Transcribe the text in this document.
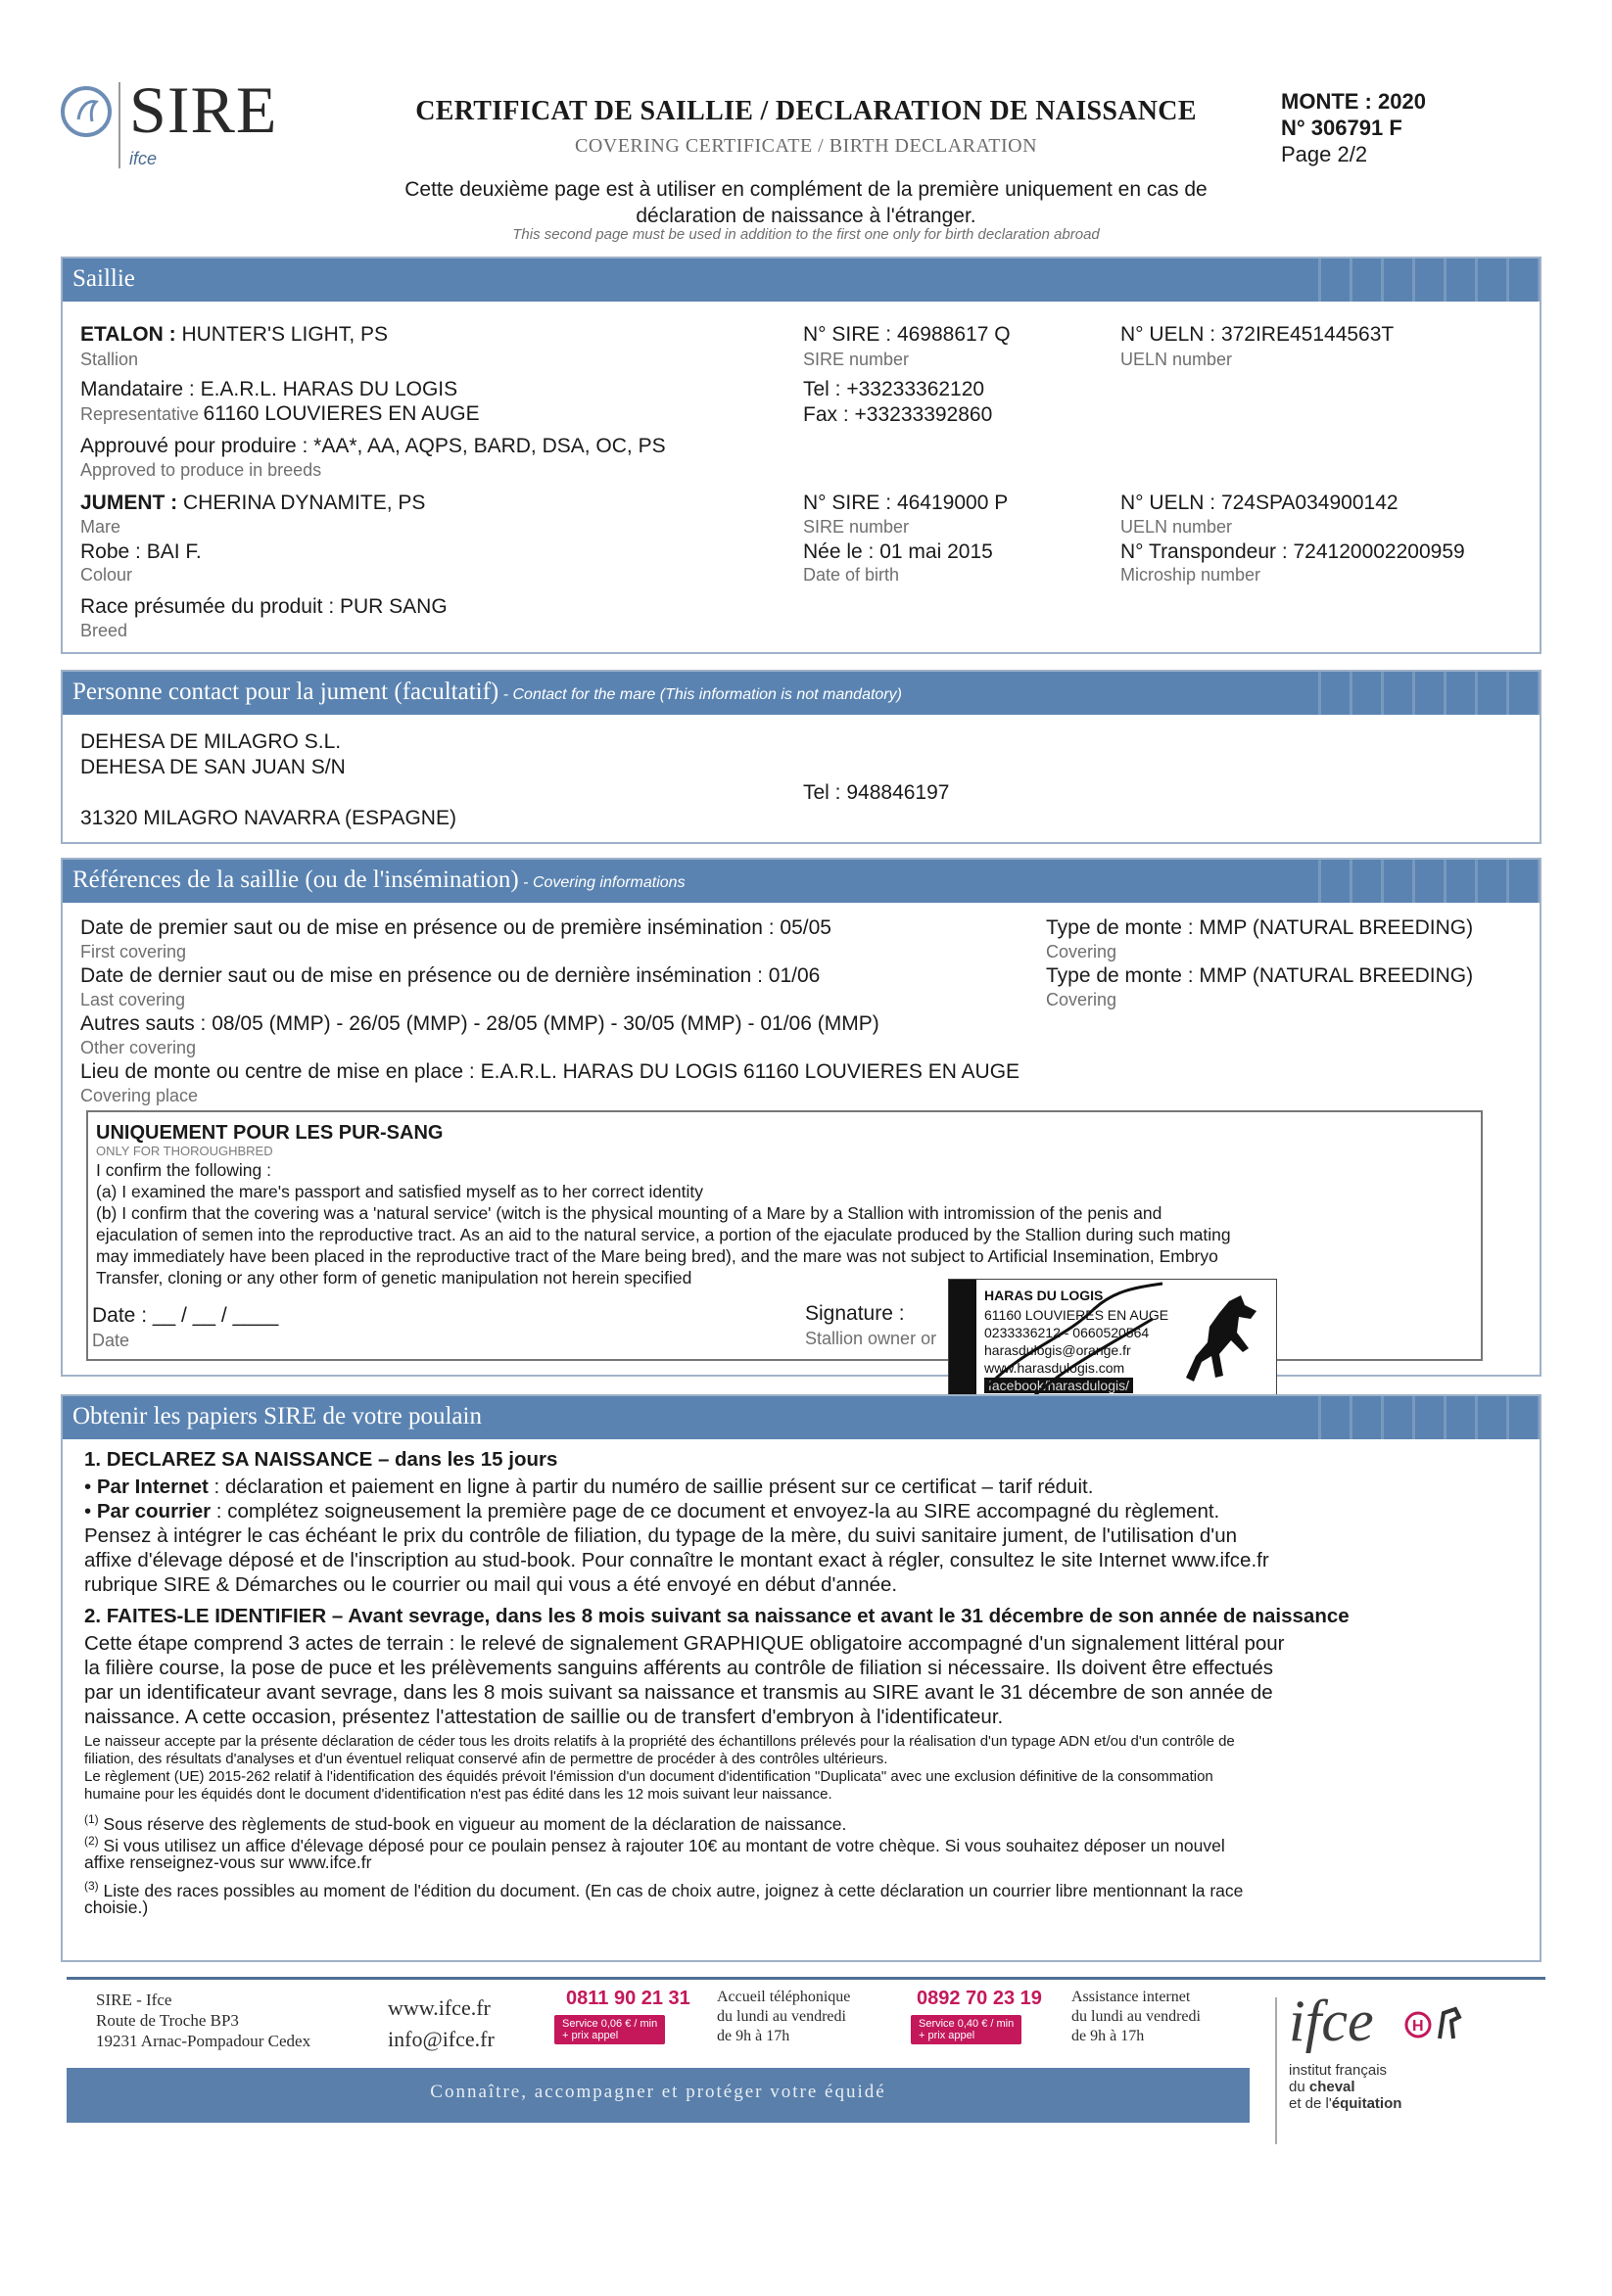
SIRE
ifce
CERTIFICAT DE SAILLIE / DECLARATION DE NAISSANCE
COVERING CERTIFICATE / BIRTH DECLARATION
MONTE : 2020
N° 306791 F
Page 2/2
Cette deuxième page est à utiliser en complément de la première uniquement en cas de
déclaration de naissance à l'étranger.
This second page must be used in addition to the first one only for birth declaration abroad
Saillie
ETALON : HUNTER'S LIGHT, PS
Stallion
N° SIRE : 46988617 Q
SIRE number
N° UELN : 372IRE45144563T
UELN number
Mandataire : E.A.R.L. HARAS DU LOGIS
Representative 61160 LOUVIERES EN AUGE
Tel : +33233362120
Fax : +33233392860
Approuvé pour produire : *AA*, AA, AQPS, BARD, DSA, OC, PS
Approved to produce in breeds
JUMENT : CHERINA DYNAMITE, PS
Mare
N° SIRE : 46419000 P
SIRE number
N° UELN : 724SPA034900142
UELN number
Robe : BAI F.
Colour
Née le : 01 mai 2015
Date of birth
N° Transpondeur : 724120002200959
Microship number
Race présumée du produit : PUR SANG
Breed
Personne contact pour la jument (facultatif) - Contact for the mare (This information is not mandatory)
DEHESA DE MILAGRO S.L.
DEHESA DE SAN JUAN S/N
Tel : 948846197
31320 MILAGRO NAVARRA (ESPAGNE)
Références de la saillie (ou de l'insémination) - Covering informations
Date de premier saut ou de mise en présence ou de première insémination : 05/05
First covering
Type de monte : MMP (NATURAL BREEDING)
Covering
Date de dernier saut ou de mise en présence ou de dernière insémination : 01/06
Last covering
Type de monte : MMP (NATURAL BREEDING)
Covering
Autres sauts : 08/05 (MMP) - 26/05 (MMP) - 28/05 (MMP) - 30/05 (MMP) - 01/06 (MMP)
Other covering
Lieu de monte ou centre de mise en place : E.A.R.L. HARAS DU LOGIS 61160 LOUVIERES EN AUGE
Covering place

UNIQUEMENT POUR LES PUR-SANG

ONLY FOR THOROUGHBRED

I confirm the following :

(a) I examined the mare's passport and satisfied myself as to her correct identity

(b) I confirm that the covering was a 'natural service' (witch is the physical mounting of a Mare by a Stallion with intromission of the penis and

ejaculation of semen into the reproductive tract. As an aid to the natural service, a portion of the ejaculate produced by the Stallion during such mating

may immediately have been placed in the reproductive tract of the Mare being bred), and the mare was not subject to Artificial Insemination, Embryo

Transfer, cloning or any other form of genetic manipulation not herein specified

Date : __ / __ / ____
Date
Signature :
Stallion owner or
HARAS DU LOGIS
61160 LOUVIERES EN AUGE
0233336212 - 0660520564
harasdulogis@orange.fr
www.harasdulogis.com
facebook/harasdulogis/
Obtenir les papiers SIRE de votre poulain

1. DECLAREZ SA NAISSANCE – dans les 15 jours

• Par Internet : déclaration et paiement en ligne à partir du numéro de saillie présent sur ce certificat – tarif réduit.

• Par courrier : complétez soigneusement la première page de ce document et envoyez-la au SIRE accompagné du règlement.

Pensez à intégrer le cas échéant le prix du contrôle de filiation, du typage de la mère, du suivi sanitaire jument, de l'utilisation d'un

affixe d'élevage déposé et de l'inscription au stud-book. Pour connaître le montant exact à régler, consultez le site Internet www.ifce.fr

rubrique SIRE & Démarches ou le courrier ou mail qui vous a été envoyé en début d'année.

2. FAITES-LE IDENTIFIER – Avant sevrage, dans les 8 mois suivant sa naissance et avant le 31 décembre de son année de naissance

Cette étape comprend 3 actes de terrain : le relevé de signalement GRAPHIQUE obligatoire accompagné d'un signalement littéral pour

la filière course, la pose de puce et les prélèvements sanguins afférents au contrôle de filiation si nécessaire. Ils doivent être effectués

par un identificateur avant sevrage, dans les 8 mois suivant sa naissance et transmis au SIRE avant le 31 décembre de son année de

naissance. A cette occasion, présentez l'attestation de saillie ou de transfert d'embryon à l'identificateur.

Le naisseur accepte par la présente déclaration de céder tous les droits relatifs à la propriété des échantillons prélevés pour la réalisation d'un typage ADN et/ou d'un contrôle de

filiation, des résultats d'analyses et d'un éventuel reliquat conservé afin de permettre de procéder à des contrôles ultérieurs.

Le règlement (UE) 2015-262 relatif à l'identification des équidés prévoit l'émission d'un document d'identification "Duplicata" avec une exclusion définitive de la consommation

humaine pour les équidés dont le document d'identification n'est pas édité dans les 12 mois suivant leur naissance.

$^{(1)}$ Sous réserve des règlements de stud-book en vigueur au moment de la déclaration de naissance.

$^{(2)}$ Si vous utilisez un affice d'élevage déposé pour ce poulain pensez à rajouter 10€ au montant de votre chèque. Si vous souhaitez déposer un nouvel

affixe renseignez-vous sur www.ifce.fr

$^{(3)}$ Liste des races possibles au moment de l'édition du document. (En cas de choix autre, joignez à cette déclaration un courrier libre mentionnant la race

choisie.)

SIRE - Ifce
Route de Troche BP3
19231 Arnac-Pompadour Cedex
www.ifce.fr
info@ifce.fr
0811 90 21 31
Service 0,06 € / min
+ prix appel
Accueil téléphonique
du lundi au vendredi
de 9h à 17h
0892 70 23 19
Service 0,40 € / min
+ prix appel
Assistance internet
du lundi au vendredi
de 9h à 17h
Connaître, accompagner et protéger votre équidé
ifce H
institut français
du cheval
et de l'équitation
